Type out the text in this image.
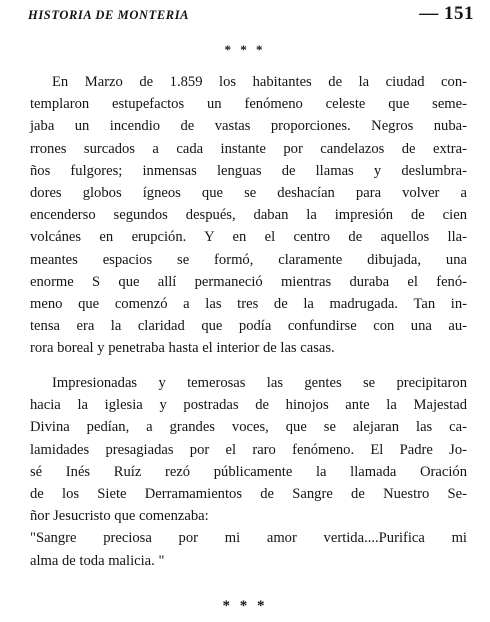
HISTORIA DE MONTERIA	— 151
* * *
En Marzo de 1.859 los habitantes de la ciudad con-
templaron estupefactos un fenómeno celeste que seme-
jaba un incendio de vastas proporciones. Negros nuba-
rrones surcados a cada instante por candelazos de extra-
ños fulgores; inmensas lenguas de llamas y deslumbra-
dores globos ígneos que se deshacían para volver a
encenderso segundos después, daban la impresión de cien
volcánes en erupción. Y en el centro de aquellos lla-
meantes espacios se formó, claramente dibujada, una
enorme S que allí permaneció mientras duraba el fenó-
meno que comenzó a las tres de la madrugada. Tan in-
tensa era la claridad que podía confundirse con una au-
rora boreal y penetraba hasta el interior de las casas.
Impresionadas y temerosas las gentes se precipitaron
hacia la iglesia y postradas de hinojos ante la Majestad
Divina pedían, a grandes voces, que se alejaran las ca-
lamidades presagiadas por el raro fenómeno. El Padre Jo-
sé Inés Ruíz rezó públicamente la llamada Oración
de los Siete Derramamientos de Sangre de Nuestro Se-
ñor Jesucristo que comenzaba:
"Sangre preciosa por mi amor vertida....Purifica mi
alma de toda malicia. "
* * *
